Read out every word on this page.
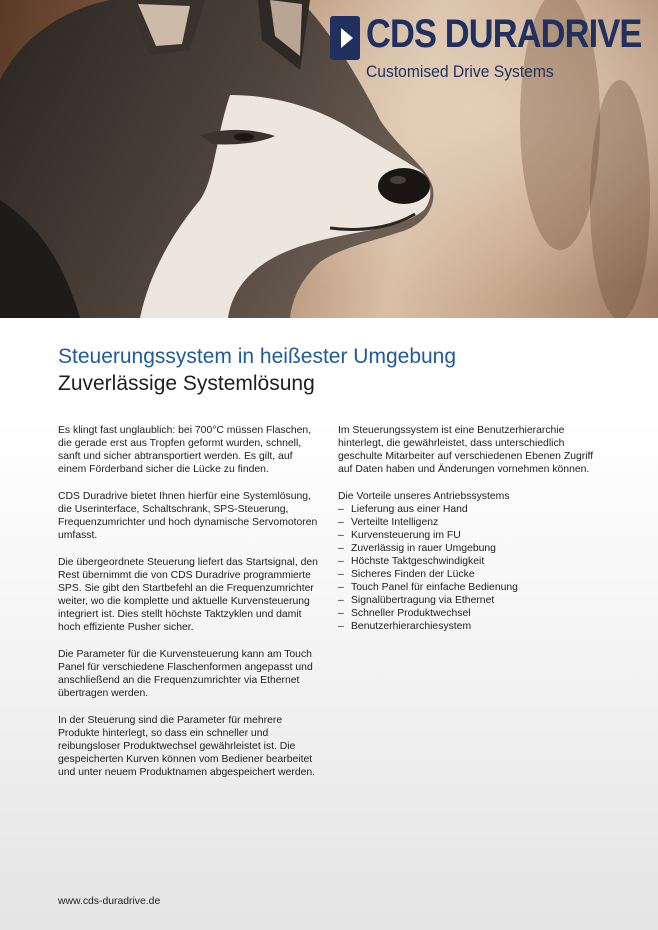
CDS DURADRIVE
Customised Drive Systems
Steuerungssystem in heißester Umgebung
Zuverlässige Systemlösung

Es klingt fast unglaublich: bei 700°C müssen Flaschen, die gerade erst aus Tropfen geformt wurden, schnell, sanft und sicher abtransportiert werden. Es gilt, auf einem Förderband sicher die Lücke zu finden.

CDS Duradrive bietet Ihnen hierfür eine Systemlösung, die Userinterface, Schaltschrank, SPS-Steuerung, Frequenzumrichter und hoch dynamische Servomotoren umfasst.

Die übergeordnete Steuerung liefert das Startsignal, den Rest übernimmt die von CDS Duradrive programmierte SPS. Sie gibt den Startbefehl an die Frequenzumrichter weiter, wo die komplette und aktuelle Kurvensteuerung integriert ist. Dies stellt höchste Taktzyklen und damit hoch effiziente Pusher sicher.

Die Parameter für die Kurvensteuerung kann am Touch Panel für verschiedene Flaschenformen angepasst und anschließend an die Frequenzumrichter via Ethernet übertragen werden.

In der Steuerung sind die Parameter für mehrere Produkte hinterlegt, so dass ein schneller und reibungsloser Produktwechsel gewährleistet ist. Die gespeicherten Kurven können vom Bediener bearbeitet und unter neuem Produktnamen abgespeichert werden.

Im Steuerungssystem ist eine Benutzerhierarchie hinterlegt, die gewährleistet, dass unterschiedlich geschulte Mitarbeiter auf verschiedenen Ebenen Zugriff auf Daten haben und Änderungen vornehmen können.

Die Vorteile unseres Antriebssystems
– Lieferung aus einer Hand
– Verteilte Intelligenz
– Kurvensteuerung im FU
– Zuverlässig in rauer Umgebung
– Höchste Taktgeschwindigkeit
– Sicheres Finden der Lücke
– Touch Panel für einfache Bedienung
– Signalübertragung via Ethernet
– Schneller Produktwechsel
– Benutzerhierarchiesystem
www.cds-duradrive.de
